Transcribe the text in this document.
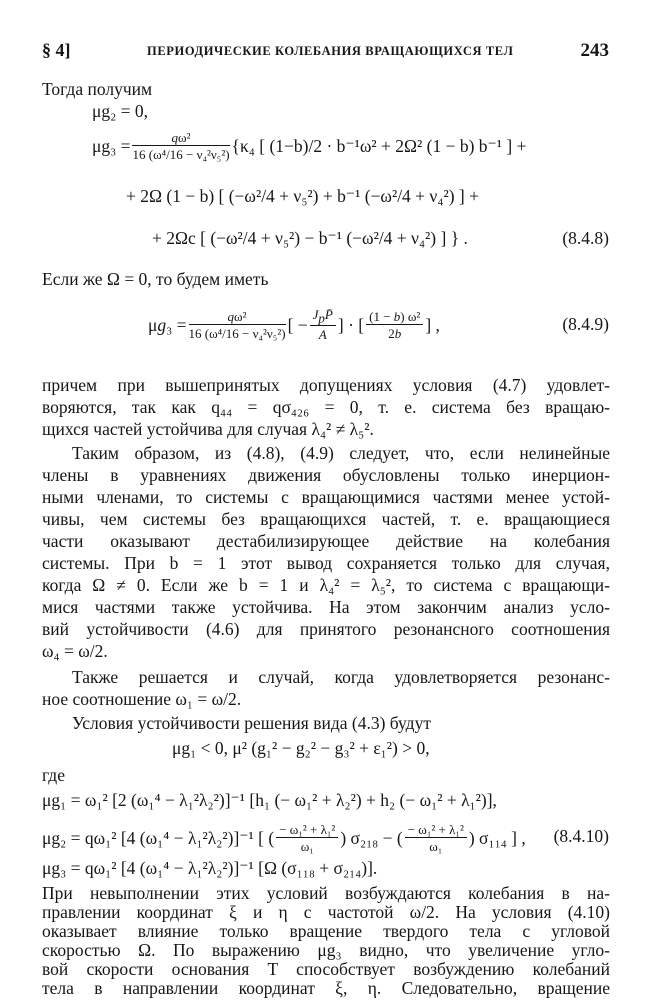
§ 4]	ПЕРИОДИЧЕСКИЕ КОЛЕБАНИЯ ВРАЩАЮЩИХСЯ ТЕЛ	243
Тогда получим
μg₂ = 0,
$\mu g_3 = \frac{\text{qω²}}{\text{16 (ω⁴/16 − ν₄²ν₅²)}} \{\kappa_4$ [ (1−b)/2 · b⁻¹ω² + 2Ω² (1 − b) b⁻¹ ] +
+ 2Ω (1 − b) [ (−ω²/4 + ν₅²) + b⁻¹ (−ω²/4 + ν₄²) ] +
+ 2Ωc [ (−ω²/4 + ν₅²) − b⁻¹ (−ω²/4 + ν₄²) ] } .	(8.4.8)
Если же Ω = 0, то будем иметь
$\mu g_3 = \frac{\text{qω²}}{\text{16 (ω⁴/16 − ν₄²ν₅²)}}$ [ −
$J_pP̄$
A
] · [ (1 − b) ω²
2b	] ,	(8.4.9)
причем при вышепринятых допущениях условия (4.7) удовлет-
воряются, так как q₄₄ = qσ₄₂₆ = 0, т. е. система без вращаю-
щихся частей устойчива для случая λ₄² ≠ λ₅².
Таким образом, из (4.8), (4.9) следует, что, если нелинейные
члены в уравнениях движения обусловлены только инерцион-
ными членами, то системы с вращающимися частями менее устой-
чивы, чем системы без вращающихся частей, т. е. вращающиеся
части оказывают дестабилизирующее действие на колебания
системы. При b = 1 этот вывод сохраняется только для случая,
когда Ω ≠ 0. Если же b = 1 и λ₄² = λ₅², то система с вращающи-
мися частями также устойчива. На этом закончим анализ усло-
вий устойчивости (4.6) для принятого резонансного соотношения
ω₄ = ω/2.
Также решается и случай, когда удовлетворяется резонанс-
ное соотношение ω₁ = ω/2.
Условия устойчивости решения вида (4.3) будут
μg₁ < 0, μ² (g₁² − g₂² − g₃² + ε₁²) > 0,
где
μg₁ = ω₁² [2 (ω₁⁴ − λ₁²λ₂²)]⁻¹ [h₁ (− ω₁² + λ₂²) + h₂ (− ω₁² + λ₁²)],
μg₂ = qω₁² [4 (ω₁⁴ − λ₁²λ₂²)]⁻¹ [ ( − ω₁² + λ₁²
ω₁	) σ₂₁₈ − ( − ω₁² + λ₁²
ω₁	) σ₁₁₄ ] , (8.4.10)
μg₃ = qω₁² [4 (ω₁⁴ − λ₁²λ₂²)]⁻¹ [Ω (σ₁₁₈ + σ₂₁₄)].
При невыполнении этих условий возбуждаются колебания в на-
правлении координат ξ и η с частотой ω/2. На условия (4.10)
оказывает влияние только вращение твердого тела с угловой
скоростью Ω. По выражению μg₃ видно, что увеличение угло-
вой скорости основания T способствует возбуждению колебаний
тела в направлении координат ξ, η. Следовательно, вращение
